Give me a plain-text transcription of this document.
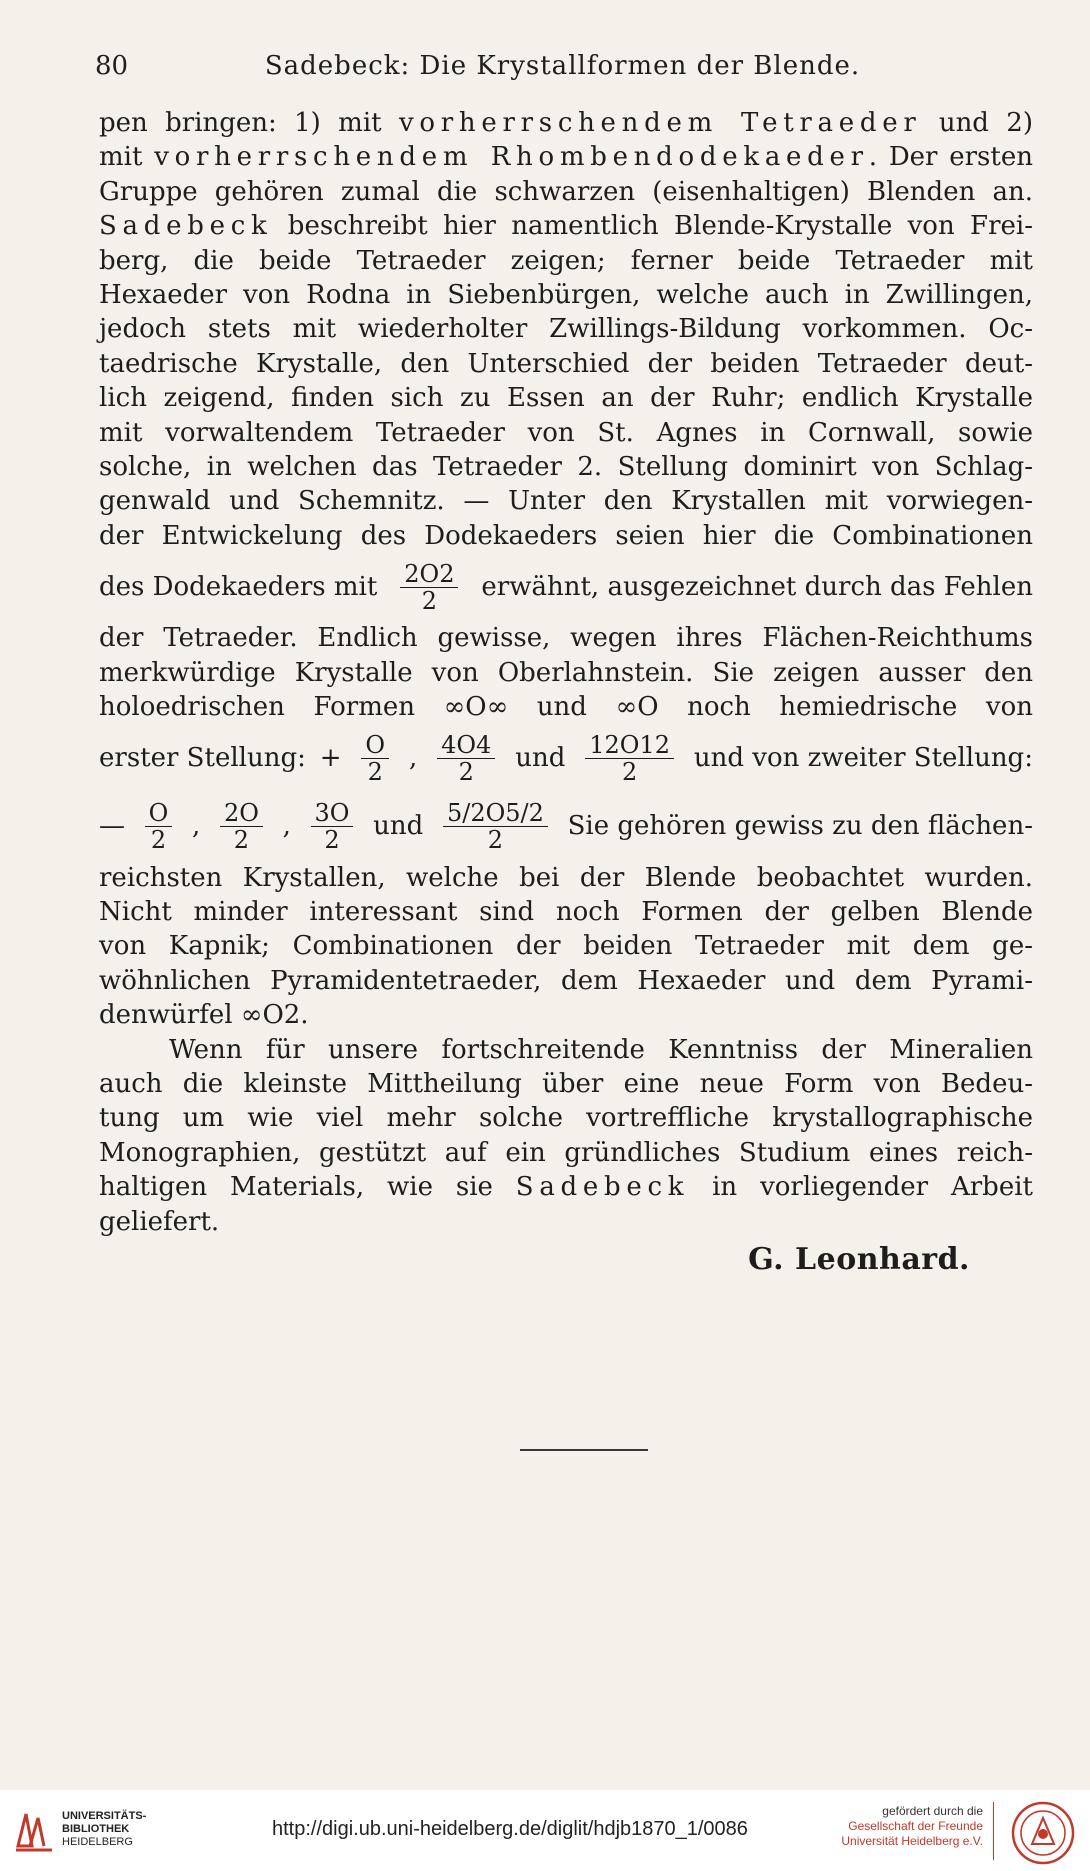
80	Sadebeck: Die Krystallformen der Blende.
pen bringen: 1) mit vorherrschendem Tetraeder und 2)
mit vorherrschendem Rhombendodekaeder. Der ersten
Gruppe gehören zumal die schwarzen (eisenhaltigen) Blenden an.
Sadebeck beschreibt hier namentlich Blende-Krystalle von Frei-
berg, die beide Tetraeder zeigen; ferner beide Tetraeder mit
Hexaeder von Rodna in Siebenbürgen, welche auch in Zwillingen,
jedoch stets mit wiederholter Zwillings-Bildung vorkommen. Oc-
taedrische Krystalle, den Unterschied der beiden Tetraeder deut-
lich zeigend, finden sich zu Essen an der Ruhr; endlich Krystalle
mit vorwaltendem Tetraeder von St. Agnes in Cornwall, sowie
solche, in welchen das Tetraeder 2. Stellung dominirt von Schlag-
genwald und Schemnitz. — Unter den Krystallen mit vorwiegen-
der Entwickelung des Dodekaeders seien hier die Combinationen
des Dodekaeders mit $\frac{2O2}{2}$ erwähnt, ausgezeichnet durch das Fehlen
der Tetraeder. Endlich gewisse, wegen ihres Flächen-Reichthums
merkwürdige Krystalle von Oberlahnstein. Sie zeigen ausser den
holoedrischen Formen ∞O∞ und ∞O noch hemiedrische von
erster Stellung: + $\frac{O}{2}$ , $\frac{4O4}{2}$ und $\frac{12O12}{2}$ und von zweiter Stellung:
— $\frac{O}{2}$ , $\frac{2O}{2}$ , $\frac{3O}{2}$ und $\frac{5/2O5/2}{2}$ Sie gehören gewiss zu den flächen-
reichsten Krystallen, welche bei der Blende beobachtet wurden.
Nicht minder interessant sind noch Formen der gelben Blende
von Kapnik; Combinationen der beiden Tetraeder mit dem ge-
wöhnlichen Pyramidentetraeder, dem Hexaeder und dem Pyrami-
denwürfel ∞O2.
Wenn für unsere fortschreitende Kenntniss der Mineralien
auch die kleinste Mittheilung über eine neue Form von Bedeu-
tung um wie viel mehr solche vortreffliche krystallographische
Monographien, gestützt auf ein gründliches Studium eines reich-
haltigen Materials, wie sie Sadebeck in vorliegender Arbeit
geliefert.
G. Leonhard.
UNIVERSITÄTS-
BIBLIOTHEK
HEIDELBERG
http://digi.ub.uni-heidelberg.de/diglit/hdjb1870_1/0086
gefördert durch die
Gesellschaft der Freunde
Universität Heidelberg e.V.
